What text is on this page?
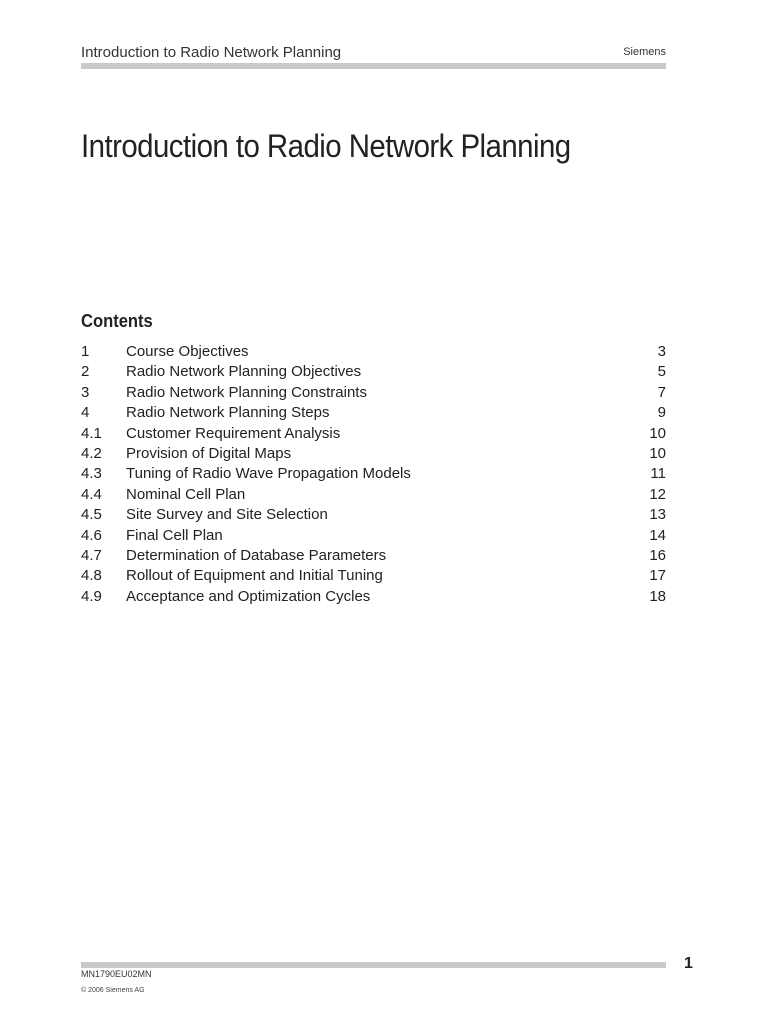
Introduction to Radio Network Planning	Siemens
Introduction to Radio Network Planning
Contents
1 Course Objectives	3
2 Radio Network Planning Objectives	5
3 Radio Network Planning Constraints	7
4 Radio Network Planning Steps	9
4.1 Customer Requirement Analysis	10
4.2 Provision of Digital Maps	10
4.3 Tuning of Radio Wave Propagation Models	11
4.4 Nominal Cell Plan	12
4.5 Site Survey and Site Selection	13
4.6 Final Cell Plan	14
4.7 Determination of Database Parameters	16
4.8 Rollout of Equipment and Initial Tuning	17
4.9 Acceptance and Optimization Cycles	18
1
MN1790EU02MN
© 2006 Siemens AG
